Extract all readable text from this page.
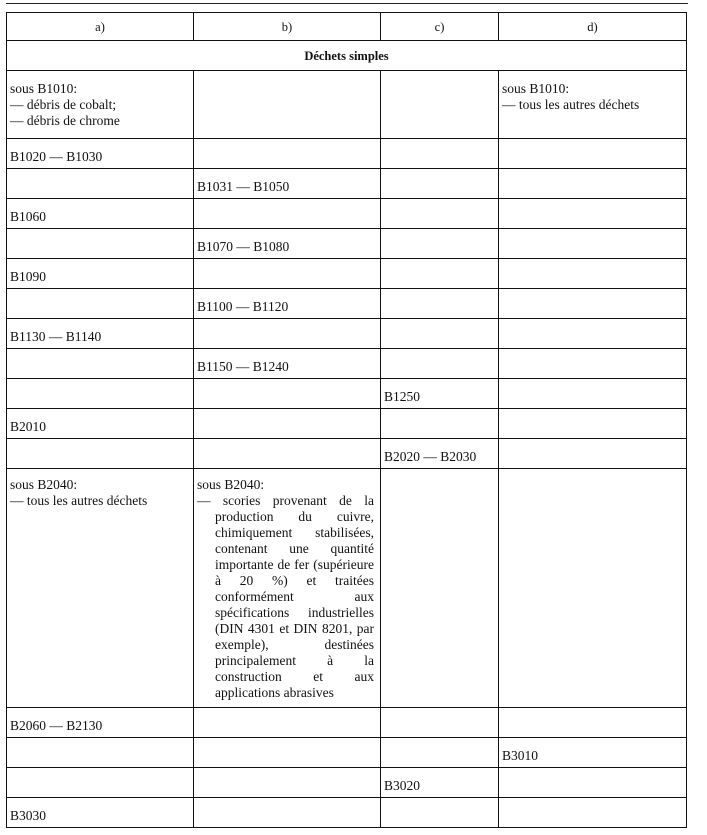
a)	b)	c)	d)
Déchets simples			

sous B1010:
— débris de cobalt;
— débris de chrome			sous B1010:
— tous les autres déchets

B1020 — B1030			

	B1031 — B1050		

B1060			

	B1070 — B1080		

B1090			

	B1100 — B1120		

B1130 — B1140			

	B1150 — B1240		

		B1250	

B2010			

		B2020 — B2030	

sous B2040:
— tous les autres déchets	sous B2040:
— scories provenant de la production du cuivre, chimiquement stabilisées, contenant une quantité importante de fer (supérieure à 20 %) et traitées conformément aux spécifications industrielles (DIN 4301 et DIN 8201, par exemple), destinées principalement à la construction et aux applications abrasives		

B2060 — B2130			

			B3010

		B3020	

B3030			
